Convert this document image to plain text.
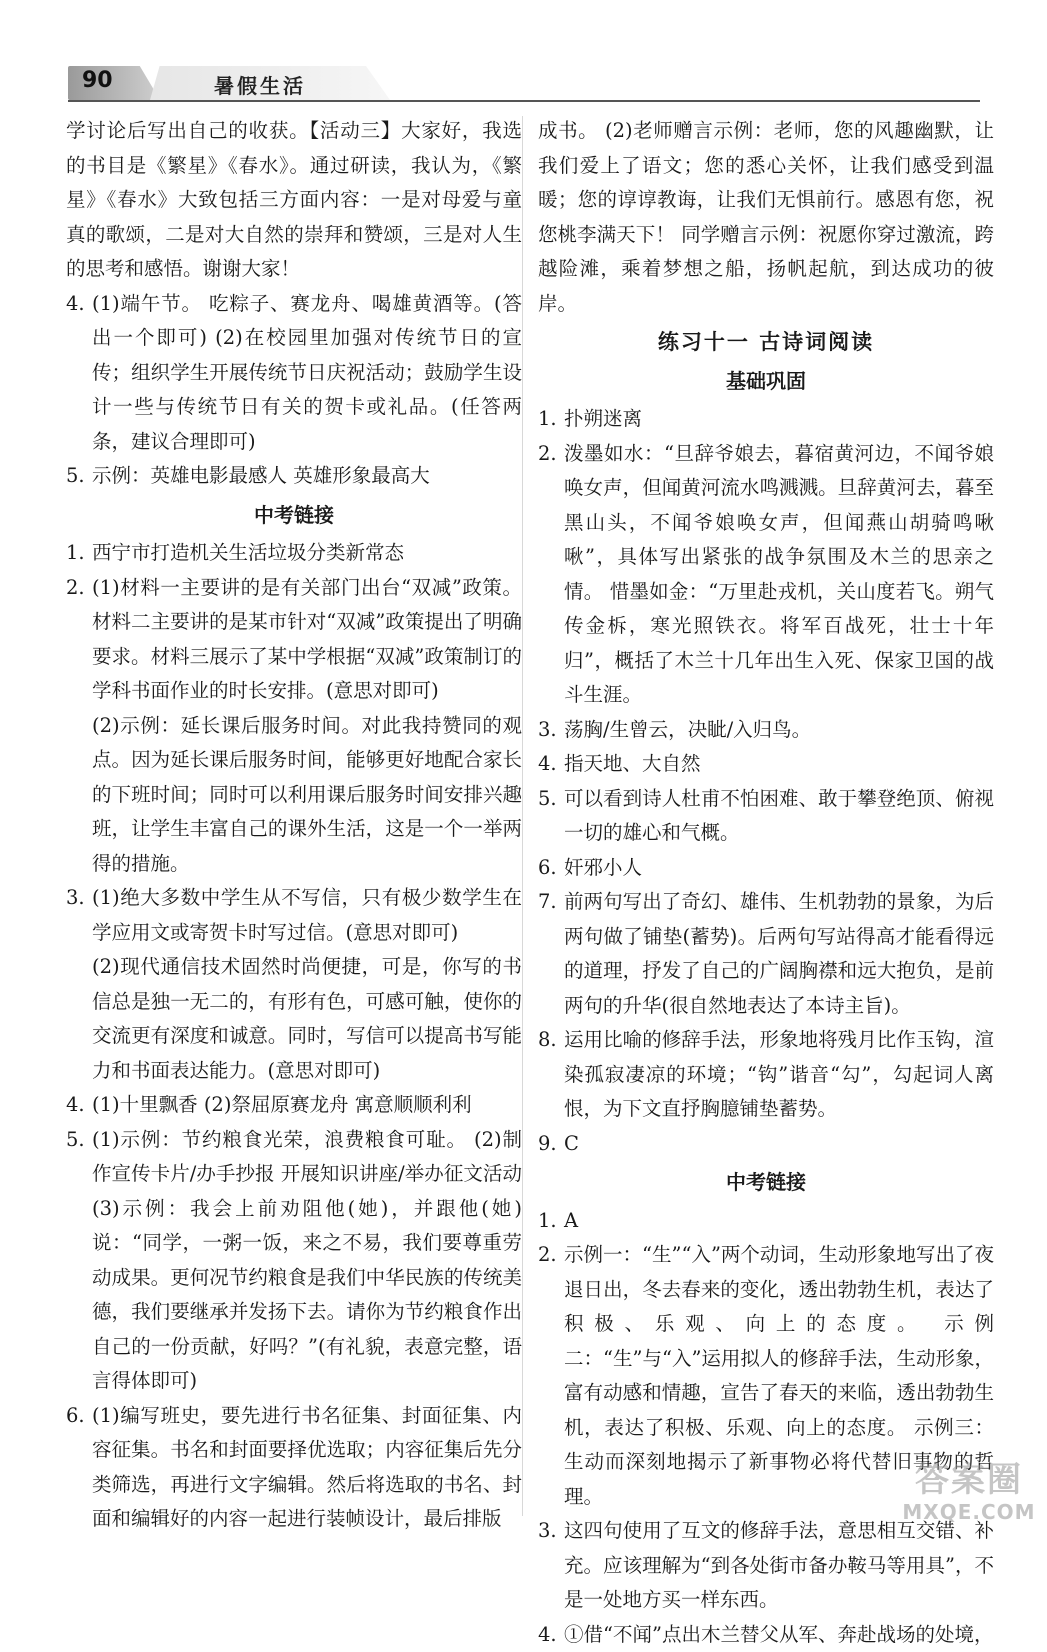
90	暑假生活
学讨论后写出自己的收获。【活动三】大家好，我选的书目是《繁星》《春水》。通过研读，我认为，《繁星》《春水》大致包括三方面内容：一是对母爱与童真的歌颂，二是对大自然的崇拜和赞颂，三是对人生的思考和感悟。谢谢大家！
4. (1)端午节。 吃粽子、赛龙舟、喝雄黄酒等。(答出一个即可) (2)在校园里加强对传统节日的宣传；组织学生开展传统节日庆祝活动；鼓励学生设计一些与传统节日有关的贺卡或礼品。(任答两条，建议合理即可)
5. 示例：英雄电影最感人 英雄形象最高大
中考链接
1. 西宁市打造机关生活垃圾分类新常态
2. (1)材料一主要讲的是有关部门出台“双减”政策。材料二主要讲的是某市针对“双减”政策提出了明确要求。材料三展示了某中学根据“双减”政策制订的学科书面作业的时长安排。(意思对即可)
(2)示例：延长课后服务时间。对此我持赞同的观点。因为延长课后服务时间，能够更好地配合家长的下班时间；同时可以利用课后服务时间安排兴趣班，让学生丰富自己的课外生活，这是一个一举两得的措施。
3. (1)绝大多数中学生从不写信，只有极少数学生在学应用文或寄贺卡时写过信。(意思对即可)
(2)现代通信技术固然时尚便捷，可是，你写的书信总是独一无二的，有形有色，可感可触，使你的交流更有深度和诚意。同时，写信可以提高书写能力和书面表达能力。(意思对即可)
4. (1)十里飘香 (2)祭屈原赛龙舟 寓意顺顺利利
5. (1)示例：节约粮食光荣，浪费粮食可耻。 (2)制作宣传卡片/办手抄报 开展知识讲座/举办征文活动 (3)示例：我会上前劝阻他(她)，并跟他(她)说：“同学，一粥一饭，来之不易，我们要尊重劳动成果。更何况节约粮食是我们中华民族的传统美德，我们要继承并发扬下去。请你为节约粮食作出自己的一份贡献，好吗？”(有礼貌，表意完整，语言得体即可)
6. (1)编写班史，要先进行书名征集、封面征集、内容征集。书名和封面要择优选取；内容征集后先分类筛选，再进行文字编辑。然后将选取的书名、封面和编辑好的内容一起进行装帧设计，最后排版
成书。 (2)老师赠言示例：老师，您的风趣幽默，让我们爱上了语文；您的悉心关怀，让我们感受到温暖；您的谆谆教诲，让我们无惧前行。感恩有您，祝您桃李满天下！ 同学赠言示例：祝愿你穿过激流，跨越险滩，乘着梦想之船，扬帆起航，到达成功的彼岸。
练习十一 古诗词阅读
基础巩固
1. 扑朔迷离
2. 泼墨如水：“旦辞爷娘去，暮宿黄河边，不闻爷娘唤女声，但闻黄河流水鸣溅溅。旦辞黄河去，暮至黑山头，不闻爷娘唤女声，但闻燕山胡骑鸣啾啾”，具体写出紧张的战争氛围及木兰的思亲之情。 惜墨如金：“万里赴戎机，关山度若飞。朔气传金柝，寒光照铁衣。将军百战死，壮士十年归”，概括了木兰十几年出生入死、保家卫国的战斗生涯。
3. 荡胸/生曾云，决眦/入归鸟。
4. 指天地、大自然
5. 可以看到诗人杜甫不怕困难、敢于攀登绝顶、俯视一切的雄心和气概。
6. 奸邪小人
7. 前两句写出了奇幻、雄伟、生机勃勃的景象，为后两句做了铺垫(蓄势)。后两句写站得高才能看得远的道理，抒发了自己的广阔胸襟和远大抱负，是前两句的升华(很自然地表达了本诗主旨)。
8. 运用比喻的修辞手法，形象地将残月比作玉钩，渲染孤寂凄凉的环境；“钩”谐音“勾”，勾起词人离恨，为下文直抒胸臆铺垫蓄势。
9. C
中考链接
1. A
2. 示例一：“生”“入”两个动词，生动形象地写出了夜退日出，冬去春来的变化，透出勃勃生机，表达了积极、乐观、向上的态度。 示例二：“生”与“入”运用拟人的修辞手法，生动形象，富有动感和情趣，宣告了春天的来临，透出勃勃生机，表达了积极、乐观、向上的态度。 示例三：生动而深刻地揭示了新事物必将代替旧事物的哲理。
3. 这四句使用了互文的修辞手法，意思相互交错、补充。应该理解为“到各处街市备办鞍马等用具”，不是一处地方买一样东西。
4. ①借“不闻”点出木兰替父从军、奔赴战场的处境，
答案圈
MXQE.COM
